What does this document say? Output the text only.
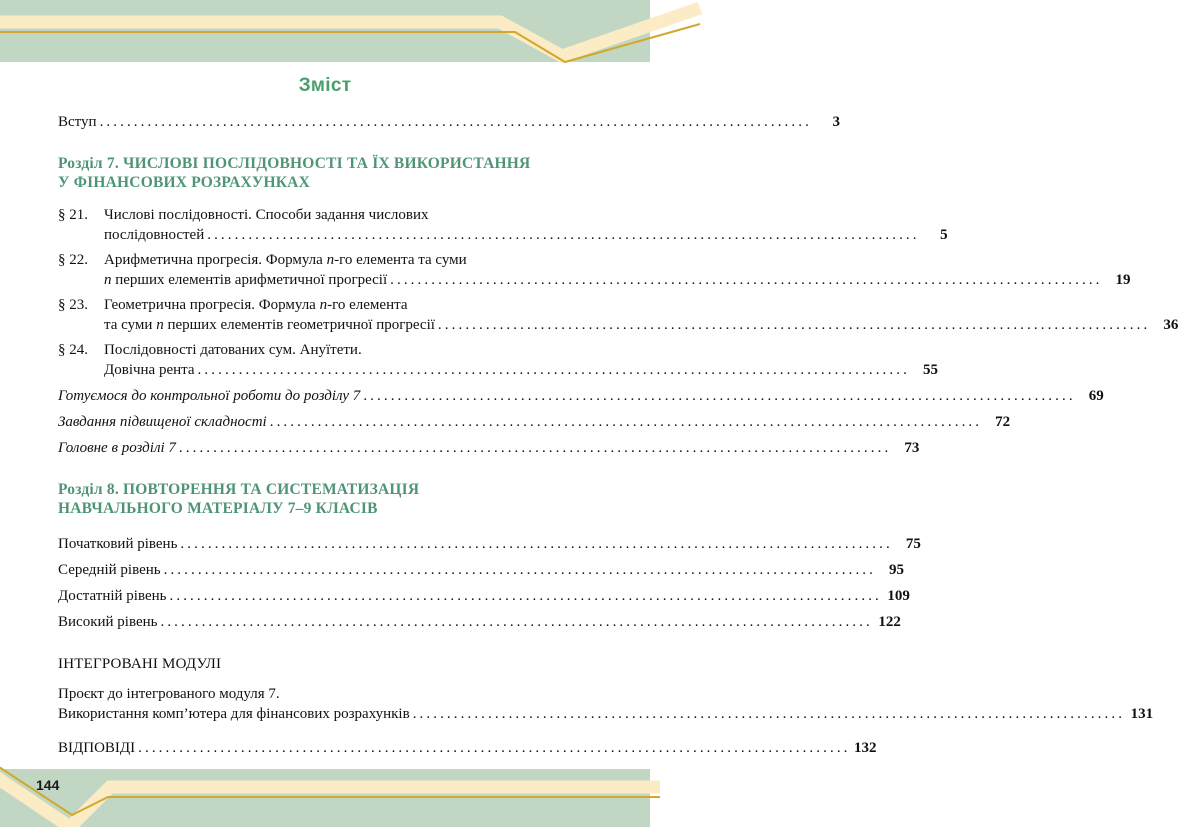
Зміст
Вступ .....	3
Розділ 7. ЧИСЛОВІ ПОСЛІДОВНОСТІ ТА ЇХ ВИКОРИСТАННЯ
У ФІНАНСОВИХ РОЗРАХУНКАХ
§ 21.	Числові послідовності. Способи задання числових
послідовностей .....	5
§ 22.	Арифметична прогресія. Формула n-го елемента та суми
n перших елементів арифметичної прогресії .....	19
§ 23.	Геометрична прогресія. Формула n-го елемента
та суми n перших елементів геометричної прогресії .....	36
§ 24.	Послідовності датованих сум. Ануїтети.
Довічна рента .....	55
Готуємося до контрольної роботи до розділу 7 .....	69
Завдання підвищеної складності .....	72
Головне в розділі 7 .....	73
Розділ 8. ПОВТОРЕННЯ ТА СИСТЕМАТИЗАЦІЯ
НАВЧАЛЬНОГО МАТЕРІАЛУ 7–9 КЛАСІВ
Початковий рівень .....	75
Середній рівень .....	95
Достатній рівень .....	109
Високий рівень .....	122
ІНТЕГРОВАНІ МОДУЛІ
Проєкт до інтегрованого модуля 7.
Використання комп’ютера для фінансових розрахунків .....	131
ВІДПОВІДІ .....	132
144
